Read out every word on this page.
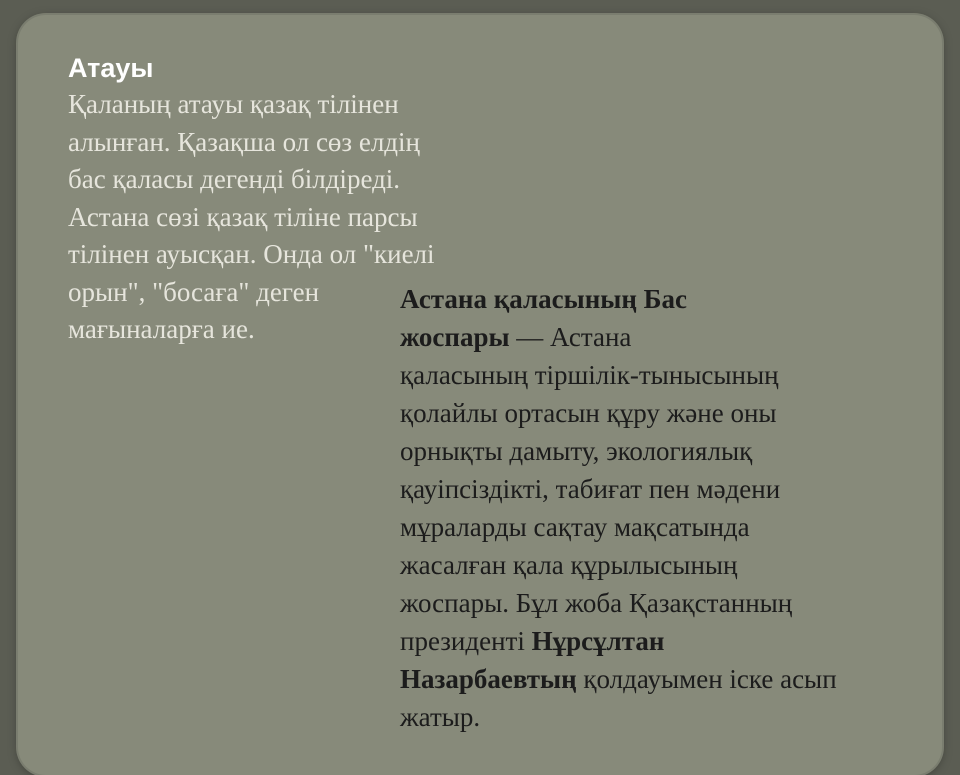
Атауы
Қаланың атауы қазақ тілінен
алынған. Қазақша ол сөз елдің
бас қаласы дегенді білдіреді.
Астана сөзі қазақ тіліне парсы
тілінен ауысқан. Онда ол "киелі
орын", "босаға" деген
мағыналарға ие.
Астана қаласының Бас
жоспары — Астана
қаласының тіршілік-тынысының
қолайлы ортасын құру және оны
орнықты дамыту, экологиялық
қауіпсіздікті, табиғат пен мәдени
мұраларды сақтау мақсатында
жасалған қала құрылысының
жоспары. Бұл жоба Қазақстанның
президенті Нұрсұлтан
Назарбаевтың қолдауымен іске асып
жатыр.
